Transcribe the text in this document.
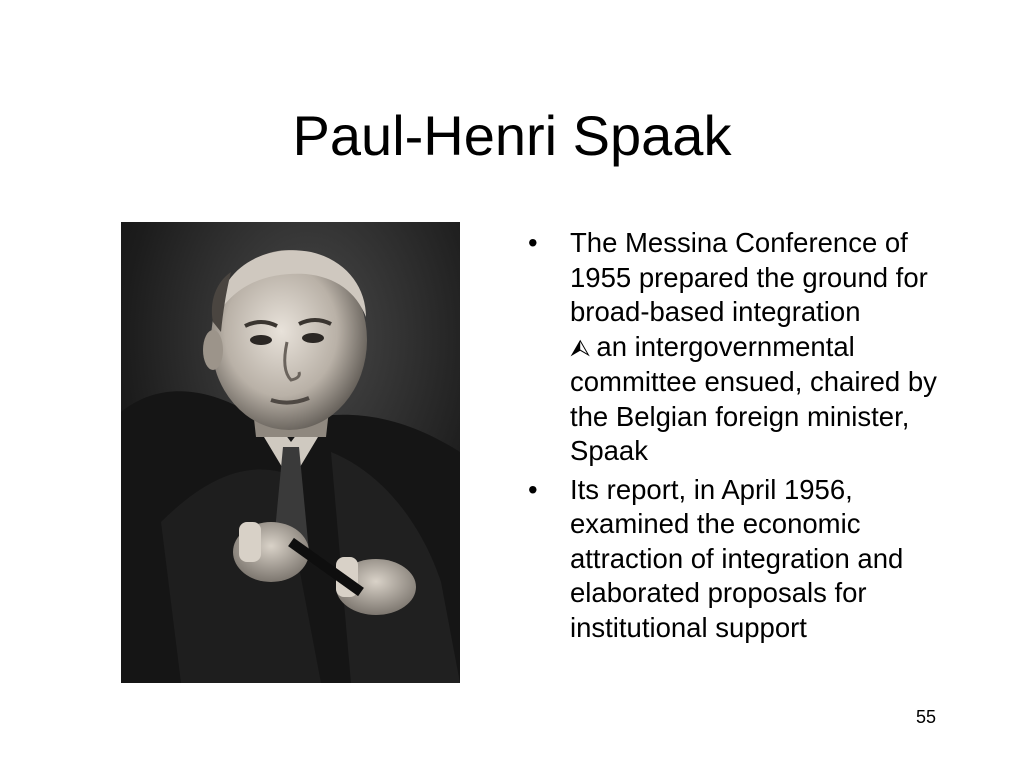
Paul-Henri Spaak
• The Messina Conference of 1955 prepared the ground for broad-based integration
⮙ an intergovernmental committee ensued, chaired by the Belgian foreign minister, Spaak
• Its report, in April 1956, examined the economic attraction of integration and elaborated proposals for institutional support
55
